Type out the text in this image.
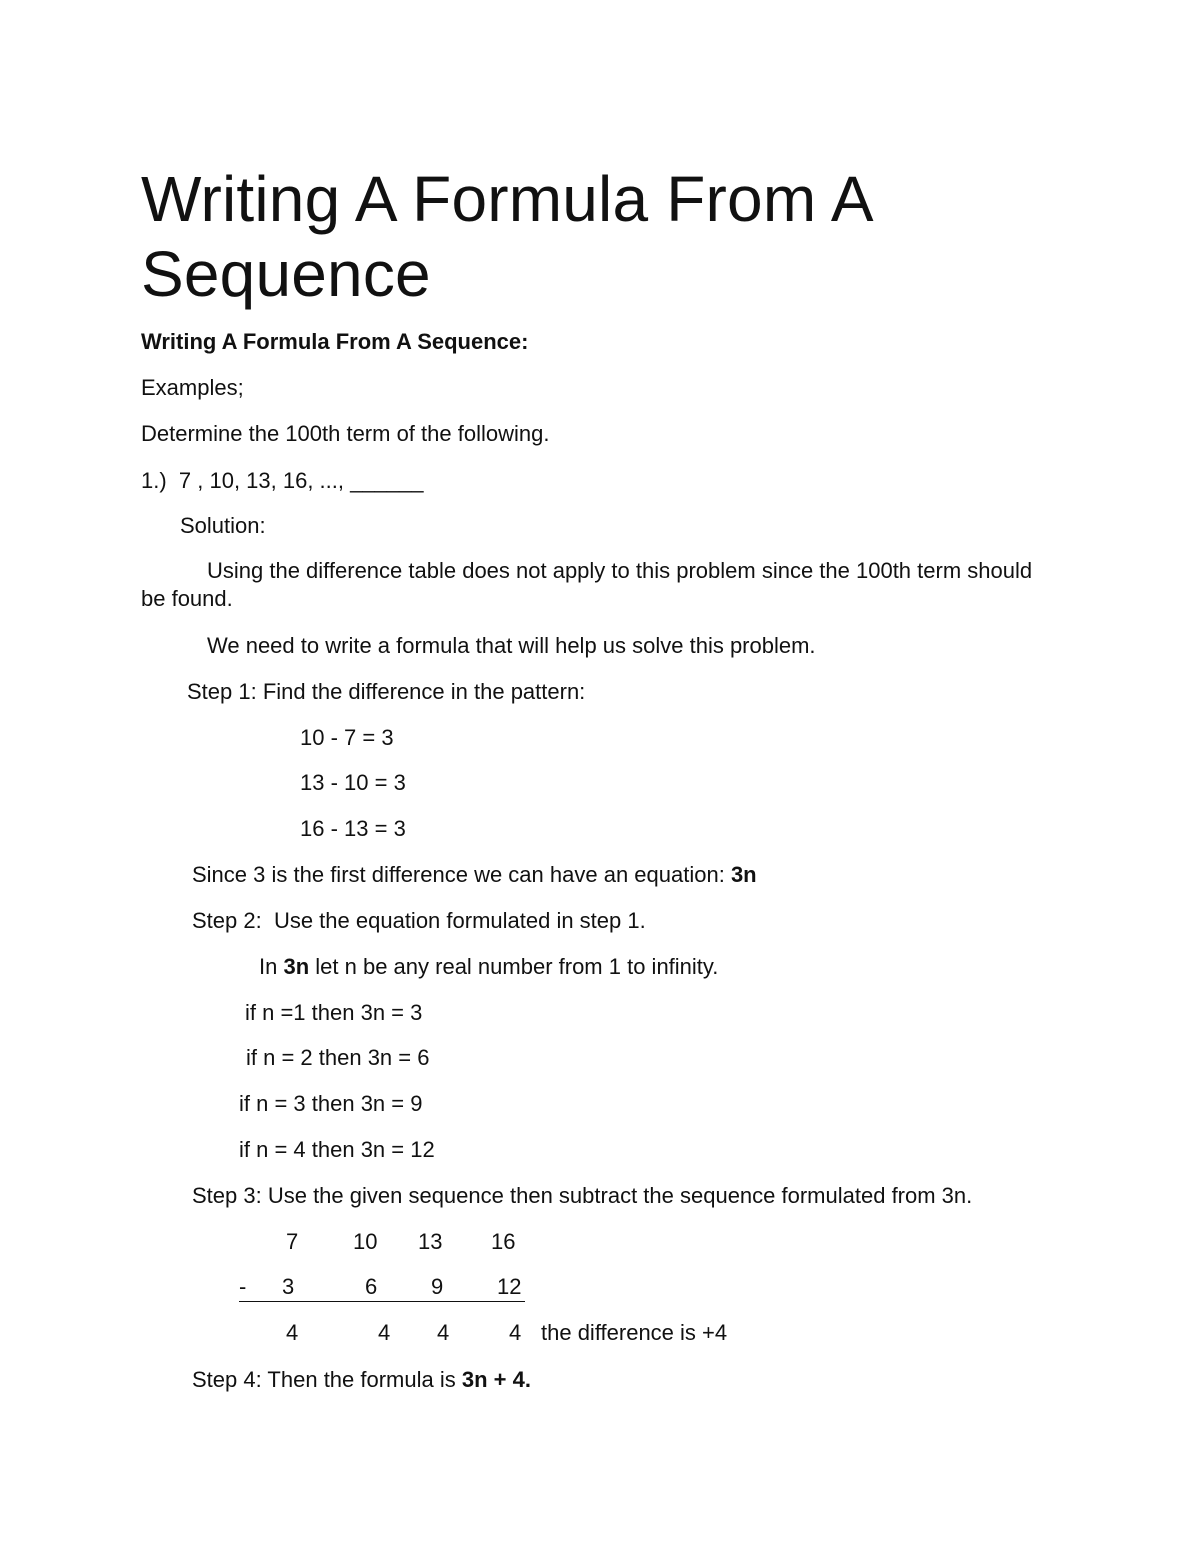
Writing A Formula From A Sequence
Writing A Formula From A Sequence:
Examples;
Determine the 100th term of the following.
1.)  7 , 10, 13, 16, ..., ______
Solution:
Using the difference table does not apply to this problem since the 100th term should be found.
We need to write a formula that will help us solve this problem.
Step 1: Find the difference in the pattern:
10 - 7 = 3
13 - 10 = 3
16 - 13 = 3
Since 3 is the first difference we can have an equation: 3n
Step 2:  Use the equation formulated in step 1.
In 3n let n be any real number from 1 to infinity.
if n =1 then 3n = 3
if n = 2 then 3n = 6
if n = 3 then 3n = 9
if n = 4 then 3n = 12
Step 3: Use the given sequence then subtract the sequence formulated from 3n.
7 10 13 16
- 3	6 9 12
4	4 4	4 the difference is +4
Step 4: Then the formula is 3n + 4.
